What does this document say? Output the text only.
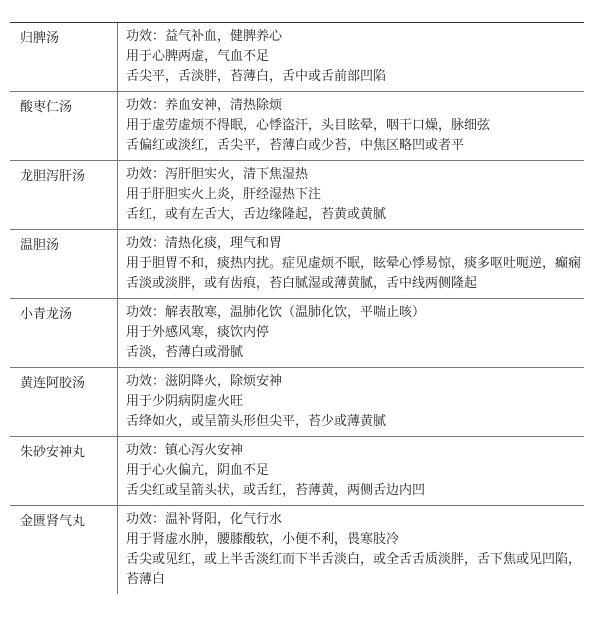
归脾汤	功效：益气补血，健脾养心
用于心脾两虚，气血不足
舌尖平，舌淡胖，苔薄白，舌中或舌前部凹陷
酸枣仁汤	功效：养血安神，清热除烦
用于虚劳虚烦不得眠，心悸盗汗，头目眩晕，咽干口燥，脉细弦
舌偏红或淡红，舌尖平，苔薄白或少苔，中焦区略凹或者平
龙胆泻肝汤	功效：泻肝胆实火，清下焦湿热
用于肝胆实火上炎，肝经湿热下注
舌红，或有左舌大，舌边缘隆起，苔黄或黄腻
温胆汤	功效：清热化痰，理气和胃
用于胆胃不和，痰热内扰。症见虚烦不眠，眩晕心悸易惊，痰多呕吐呃逆，癫痫
舌淡或淡胖，或有齿痕，苔白腻湿或薄黄腻，舌中线两侧隆起
小青龙汤	功效：解表散寒，温肺化饮（温肺化饮，平喘止咳）
用于外感风寒，痰饮内停
舌淡，苔薄白或滑腻
黄连阿胶汤	功效：滋阴降火，除烦安神
用于少阴病阴虚火旺
舌绛如火，或呈箭头形但尖平，苔少或薄黄腻
朱砂安神丸	功效：镇心泻火安神
用于心火偏亢，阴血不足
舌尖红或呈箭头状，或舌红，苔薄黄，两侧舌边内凹
金匮肾气丸	功效：温补肾阳，化气行水
用于肾虚水肿，腰膝酸软，小便不利，畏寒肢冷
舌尖或见红，或上半舌淡红而下半舌淡白，或全舌舌质淡胖，舌下焦或见凹陷，苔薄白
